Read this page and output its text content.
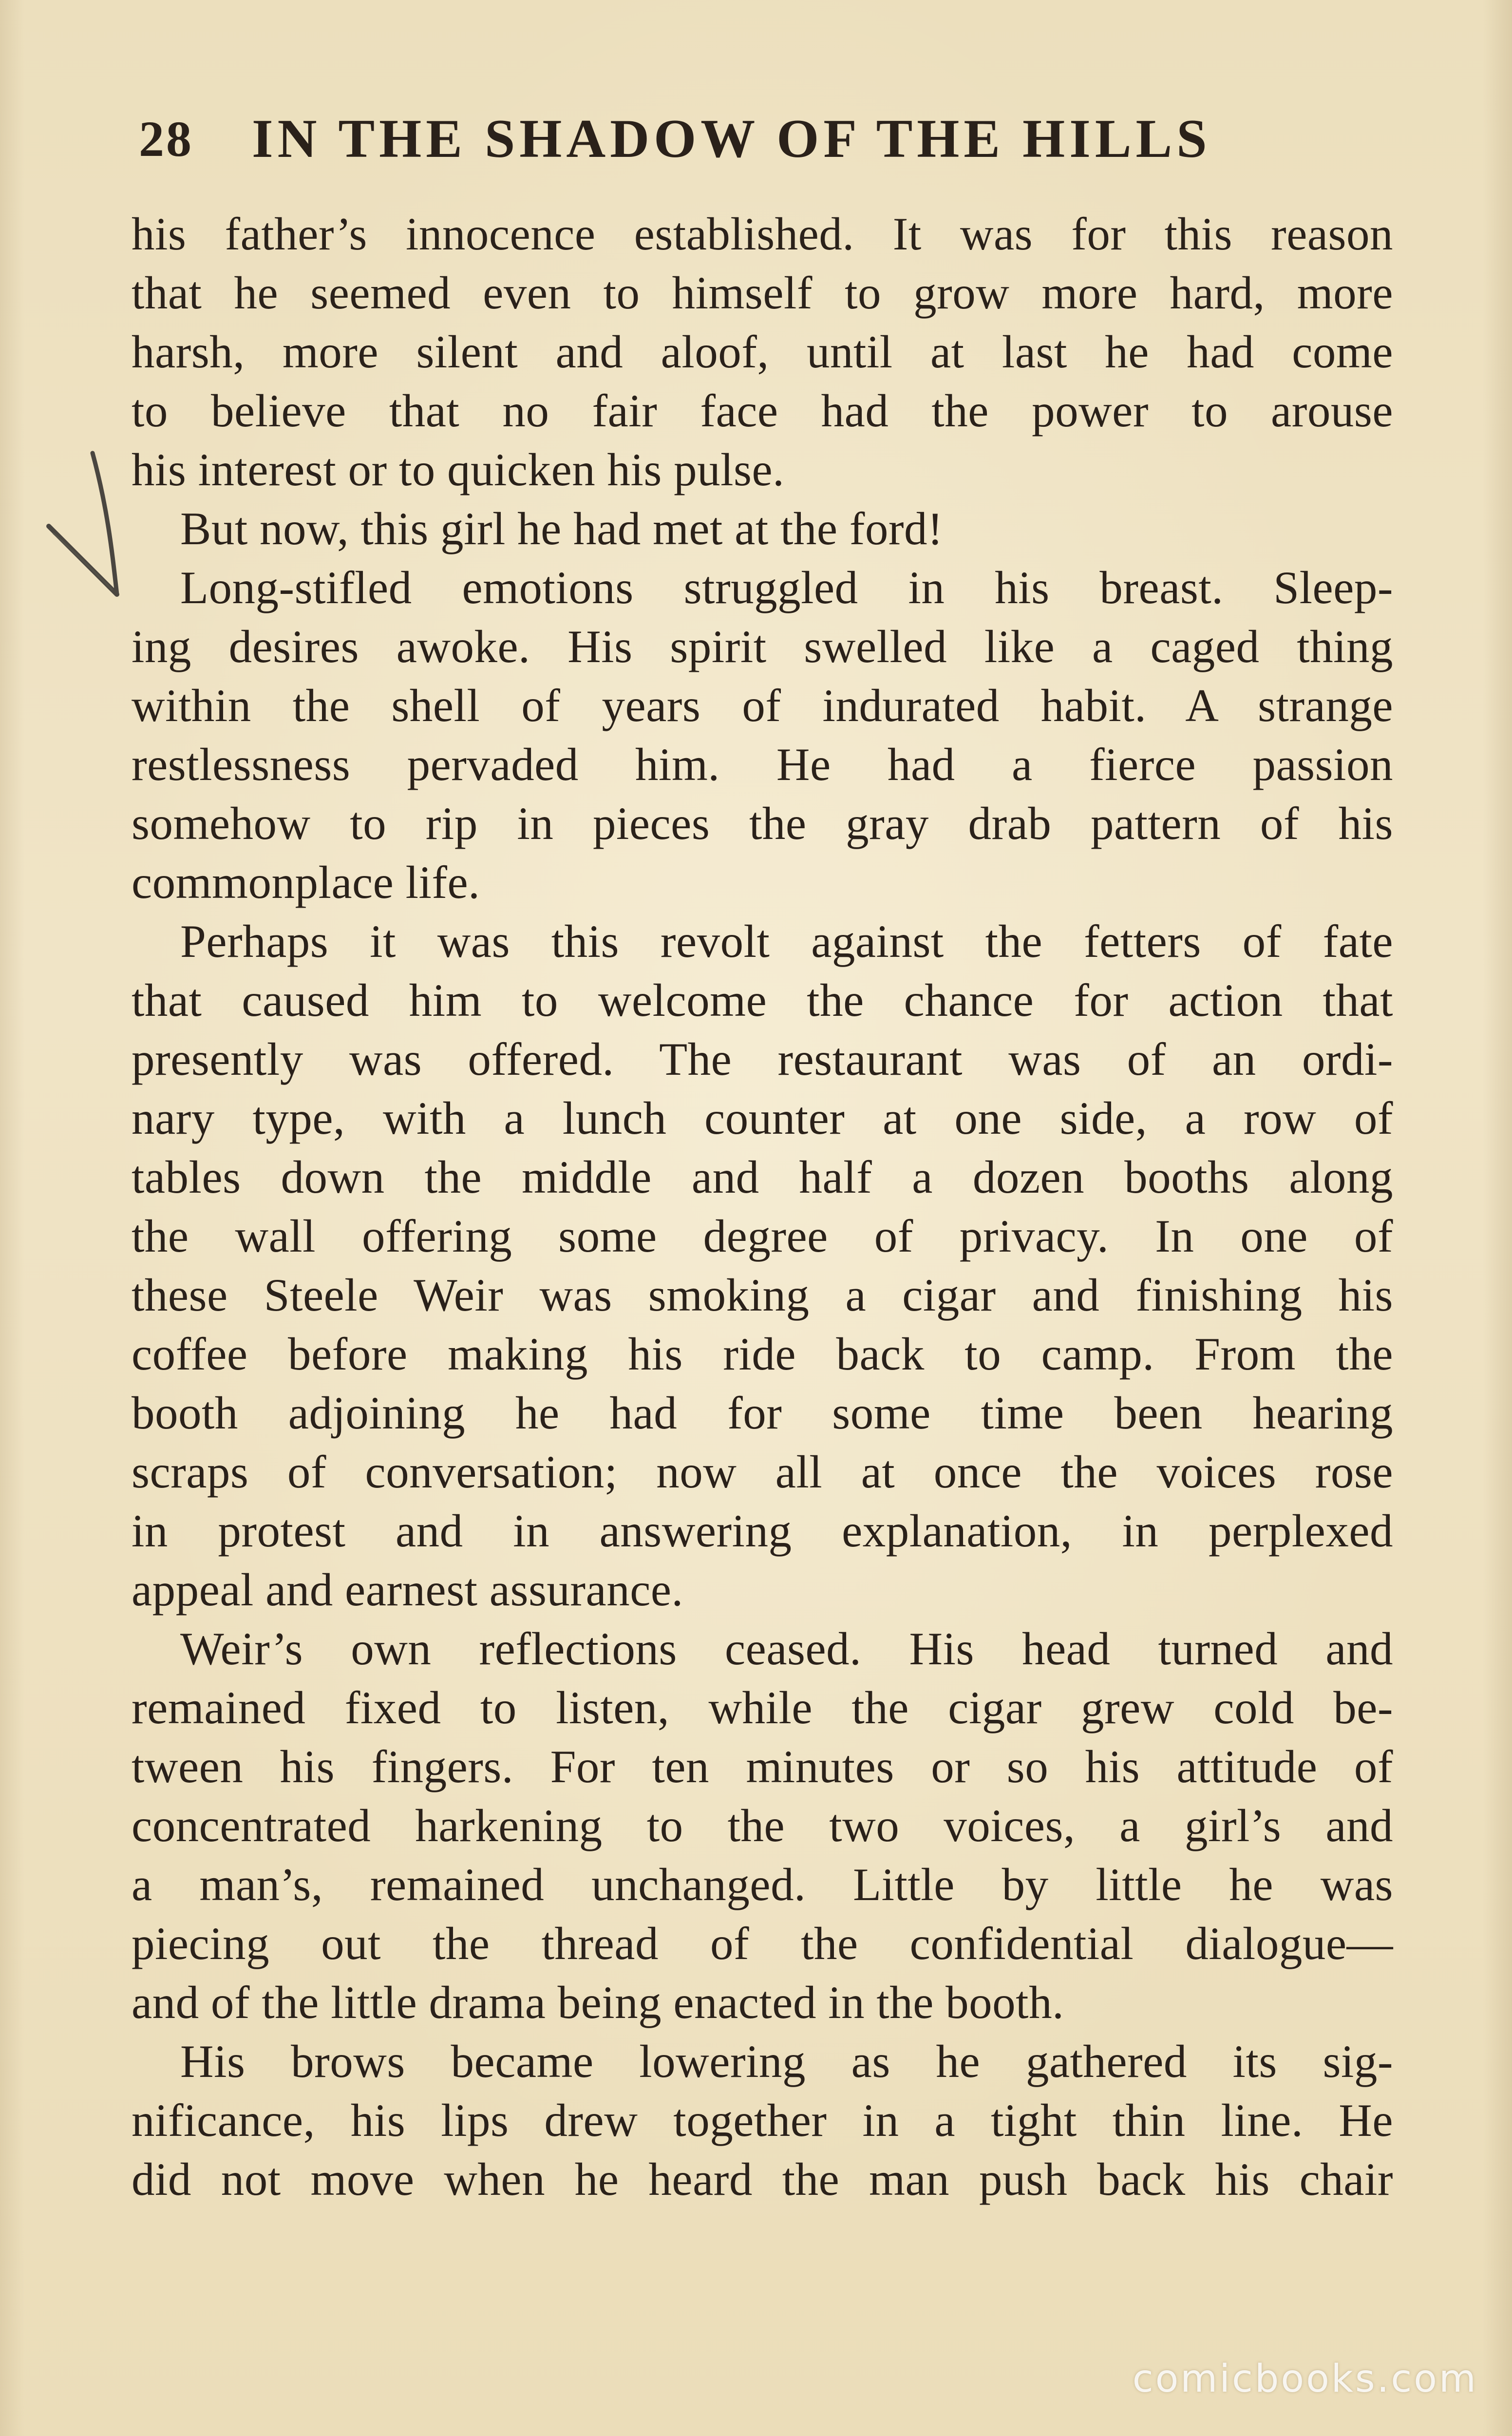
28 IN THE SHADOW OF THE HILLS
his father’s innocence established. It was for this reason
that he seemed even to himself to grow more hard, more
harsh, more silent and aloof, until at last he had come
to believe that no fair face had the power to arouse
his interest or to quicken his pulse.
But now, this girl he had met at the ford!
Long-stifled emotions struggled in his breast. Sleep-
ing desires awoke. His spirit swelled like a caged thing
within the shell of years of indurated habit. A strange
restlessness pervaded him. He had a fierce passion
somehow to rip in pieces the gray drab pattern of his
commonplace life.
Perhaps it was this revolt against the fetters of fate
that caused him to welcome the chance for action that
presently was offered. The restaurant was of an ordi-
nary type, with a lunch counter at one side, a row of
tables down the middle and half a dozen booths along
the wall offering some degree of privacy. In one of
these Steele Weir was smoking a cigar and finishing his
coffee before making his ride back to camp. From the
booth adjoining he had for some time been hearing
scraps of conversation; now all at once the voices rose
in protest and in answering explanation, in perplexed
appeal and earnest assurance.
Weir’s own reflections ceased. His head turned and
remained fixed to listen, while the cigar grew cold be-
tween his fingers. For ten minutes or so his attitude of
concentrated harkening to the two voices, a girl’s and
a man’s, remained unchanged. Little by little he was
piecing out the thread of the confidential dialogue—
and of the little drama being enacted in the booth.
His brows became lowering as he gathered its sig-
nificance, his lips drew together in a tight thin line. He
did not move when he heard the man push back his chair
comicbooks.com
